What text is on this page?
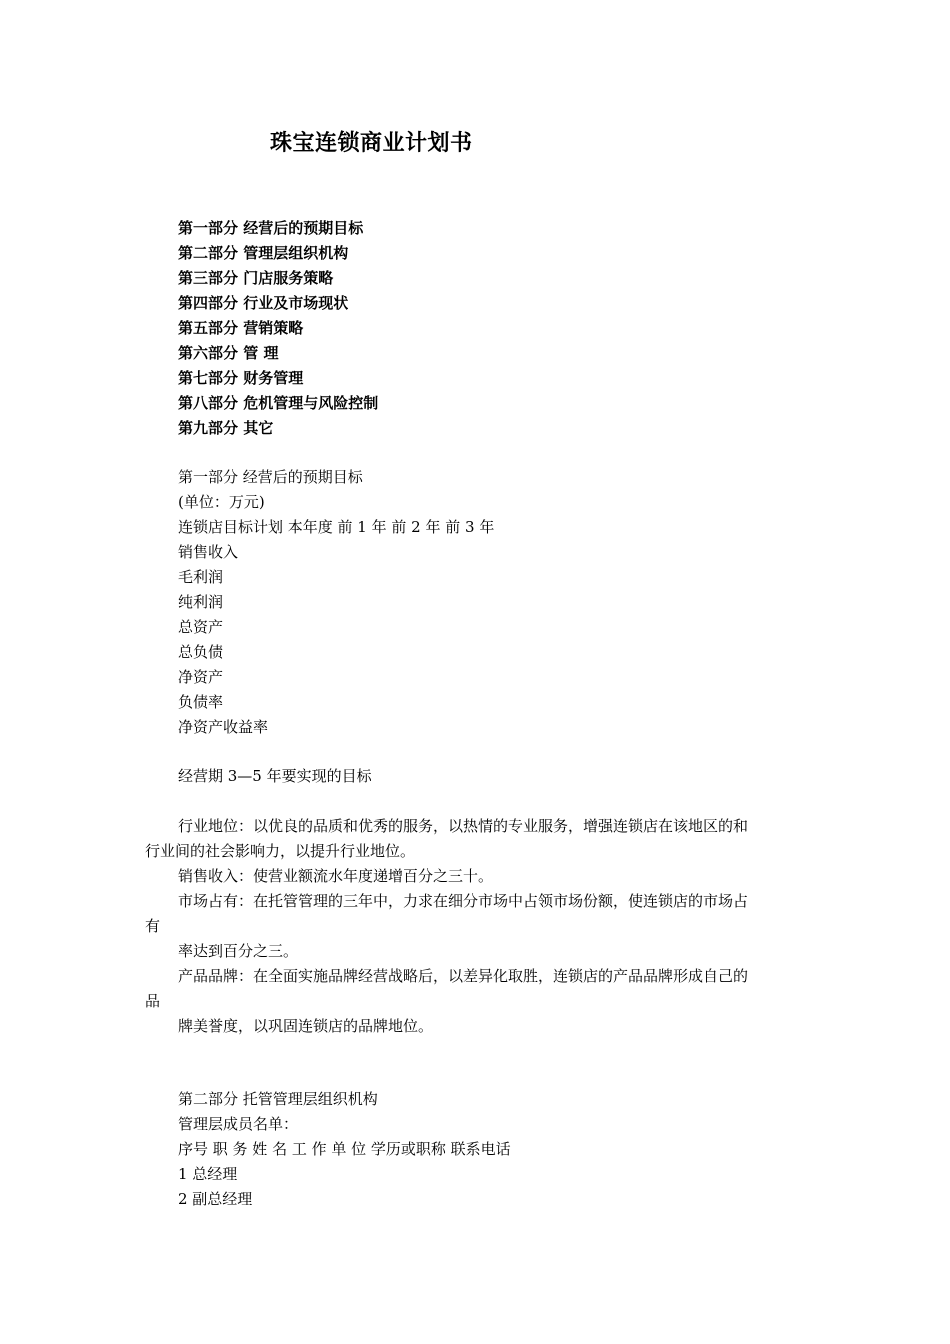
珠宝连锁商业计划书
第一部分 经营后的预期目标
第二部分 管理层组织机构
第三部分 门店服务策略
第四部分 行业及市场现状
第五部分 营销策略
第六部分 管 理
第七部分 财务管理
第八部分 危机管理与风险控制
第九部分 其它
第一部分 经营后的预期目标
(单位：万元)
连锁店目标计划 本年度 前 1 年 前 2 年 前 3 年
销售收入
毛利润
纯利润
总资产
总负债
净资产
负债率
净资产收益率
经营期 3—5 年要实现的目标
行业地位：以优良的品质和优秀的服务，以热情的专业服务，增强连锁店在该地区的和
行业间的社会影响力，以提升行业地位。
销售收入：使营业额流水年度递增百分之三十。
市场占有：在托管管理的三年中，力求在细分市场中占领市场份额，使连锁店的市场占
有
率达到百分之三。
产品品牌：在全面实施品牌经营战略后，以差异化取胜，连锁店的产品品牌形成自己的
品
牌美誉度，以巩固连锁店的品牌地位。
第二部分 托管管理层组织机构
管理层成员名单：
序号 职 务 姓 名 工 作 单 位 学历或职称 联系电话
1 总经理
2 副总经理
